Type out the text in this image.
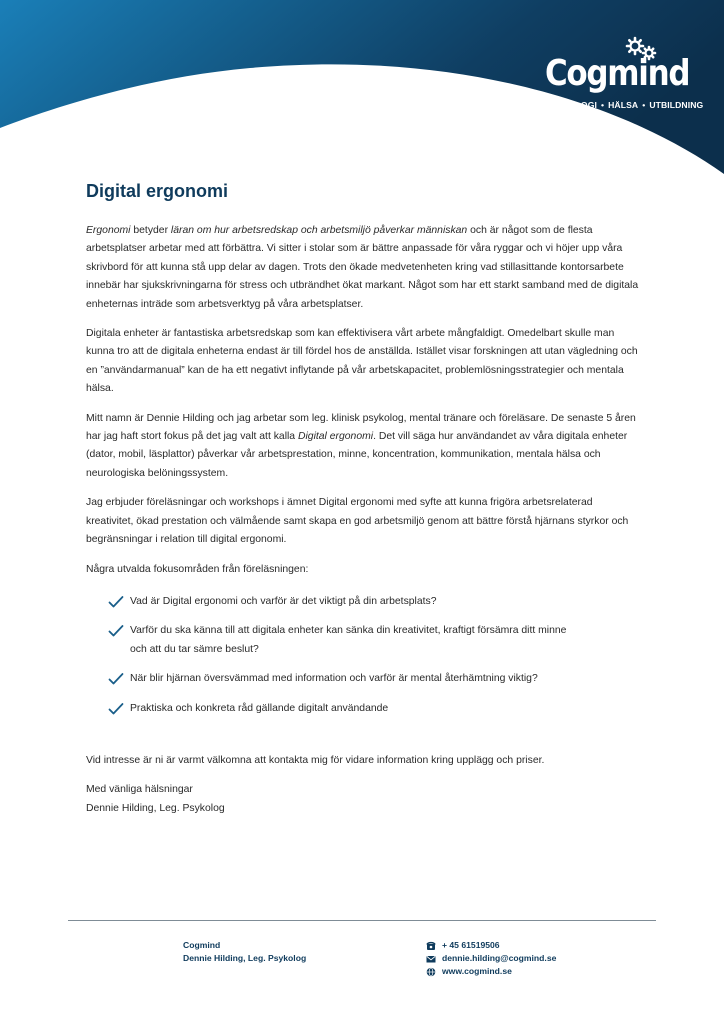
Cogmind
PSYKOLOGI • HÄLSA • UTBILDNING
Digital ergonomi

Ergonomi betyder läran om hur arbetsredskap och arbetsmiljö påverkar människan och är något som de flesta arbetsplatser arbetar med att förbättra. Vi sitter i stolar som är bättre anpassade för våra ryggar och vi höjer upp våra skrivbord för att kunna stå upp delar av dagen. Trots den ökade medvetenheten kring vad stillasittande kontorsarbete innebär har sjukskrivningarna för stress och utbrändhet ökat markant. Något som har ett starkt samband med de digitala enheternas inträde som arbetsverktyg på våra arbetsplatser.

Digitala enheter är fantastiska arbetsredskap som kan effektivisera vårt arbete mångfaldigt. Omedelbart skulle man kunna tro att de digitala enheterna endast är till fördel hos de anställda. Istället visar forskningen att utan vägledning och en ”användarmanual” kan de ha ett negativt inflytande på vår arbetskapacitet, problemlösningsstrategier och mentala hälsa.

Mitt namn är Dennie Hilding och jag arbetar som leg. klinisk psykolog, mental tränare och föreläsare. De senaste 5 åren har jag haft stort fokus på det jag valt att kalla Digital ergonomi. Det vill säga hur användandet av våra digitala enheter (dator, mobil, läsplattor) påverkar vår arbetsprestation, minne, koncentration, kommunikation, mentala hälsa och neurologiska belöningssystem.

Jag erbjuder föreläsningar och workshops i ämnet Digital ergonomi med syfte att kunna frigöra arbetsrelaterad kreativitet, ökad prestation och välmående samt skapa en god arbetsmiljö genom att bättre förstå hjärnans styrkor och begränsningar i relation till digital ergonomi.

Några utvalda fokusområden från föreläsningen:

Vad är Digital ergonomi och varför är det viktigt på din arbetsplats?
Varför du ska känna till att digitala enheter kan sänka din kreativitet, kraftigt försämra ditt minne och att du tar sämre beslut?
När blir hjärnan översvämmad med information och varför är mental återhämtning viktig?
Praktiska och konkreta råd gällande digitalt användande

Vid intresse är ni är varmt välkomna att kontakta mig för vidare information kring upplägg och priser.

Med vänliga hälsningar

Dennie Hilding, Leg. Psykolog

Cogmind
Dennie Hilding, Leg. Psykolog
+ 45 61519506
dennie.hilding@cogmind.se
www.cogmind.se
